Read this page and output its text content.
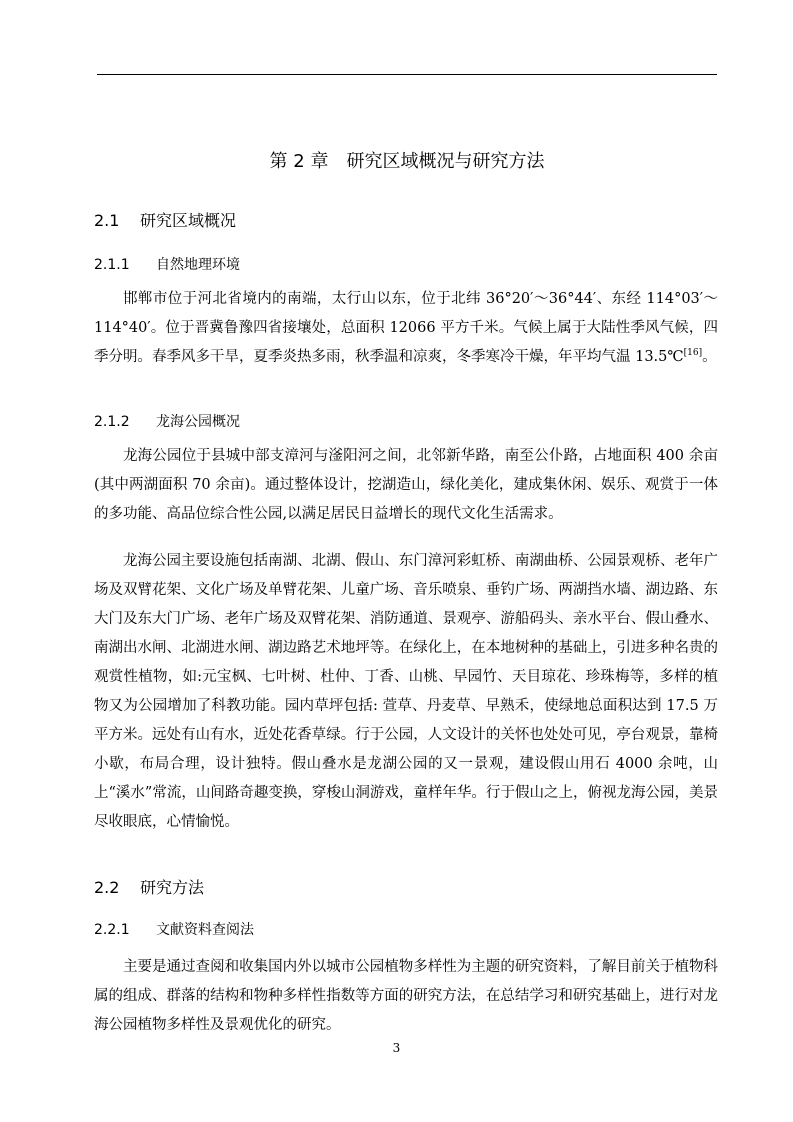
第 2 章　研究区域概况与研究方法
2.1 研究区域概况
2.1.1 自然地理环境

邯郸市位于河北省境内的南端，太行山以东，位于北纬 36°20′～36°44′、东经 114°03′～114°40′。位于晋冀鲁豫四省接壤处，总面积 12066 平方千米。气候上属于大陆性季风气候，四季分明。春季风多干旱，夏季炎热多雨，秋季温和凉爽，冬季寒冷干燥，年平均气温 13.5℃[16]。

2.1.2 龙海公园概况

龙海公园位于县城中部支漳河与滏阳河之间，北邻新华路，南至公仆路，占地面积 400 余亩(其中两湖面积 70 余亩)。通过整体设计，挖湖造山，绿化美化，建成集休闲、娱乐、观赏于一体的多功能、高品位综合性公园,以满足居民日益增长的现代文化生活需求。

龙海公园主要设施包括南湖、北湖、假山、东门漳河彩虹桥、南湖曲桥、公园景观桥、老年广场及双臂花架、文化广场及单臂花架、儿童广场、音乐喷泉、垂钓广场、两湖挡水墙、湖边路、东大门及东大门广场、老年广场及双臂花架、消防通道、景观亭、游船码头、亲水平台、假山叠水、南湖出水闸、北湖进水闸、湖边路艺术地坪等。在绿化上，在本地树种的基础上，引进多种名贵的观赏性植物，如:元宝枫、七叶树、杜仲、丁香、山桃、早园竹、天目琼花、珍珠梅等，多样的植物又为公园增加了科教功能。园内草坪包括: 萱草、丹麦草、早熟禾，使绿地总面积达到 17.5 万平方米。远处有山有水，近处花香草绿。行于公园，人文设计的关怀也处处可见，亭台观景，靠椅小歇，布局合理，设计独特。假山叠水是龙湖公园的又一景观，建设假山用石 4000 余吨，山上“溪水”常流，山间路奇趣变换，穿梭山洞游戏，童样年华。行于假山之上，俯视龙海公园，美景尽收眼底，心情愉悦。

2.2 研究方法
2.2.1 文献资料查阅法

主要是通过查阅和收集国内外以城市公园植物多样性为主题的研究资料，了解目前关于植物科属的组成、群落的结构和物种多样性指数等方面的研究方法，在总结学习和研究基础上，进行对龙海公园植物多样性及景观优化的研究。

3
